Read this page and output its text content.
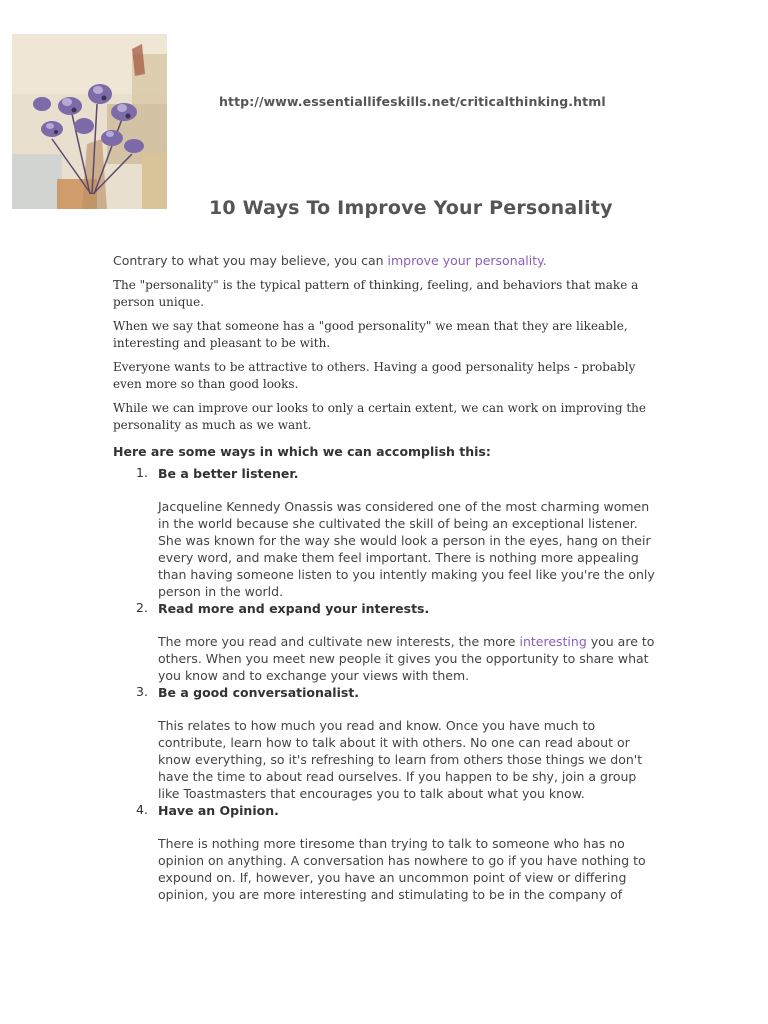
http://www.essentiallifeskills.net/criticalthinking.html
10 Ways To Improve Your Personality

Contrary to what you may believe, you can improve your personality.

The "personality" is the typical pattern of thinking, feeling, and behaviors that make a person unique.

When we say that someone has a "good personality" we mean that they are likeable, interesting and pleasant to be with.

Everyone wants to be attractive to others. Having a good personality helps - probably even more so than good looks.

While we can improve our looks to only a certain extent, we can work on improving the personality as much as we want.

Here are some ways in which we can accomplish this:
1. Be a better listener.

Jacqueline Kennedy Onassis was considered one of the most charming women in the world because she cultivated the skill of being an exceptional listener. She was known for the way she would look a person in the eyes, hang on their every word, and make them feel important. There is nothing more appealing than having someone listen to you intently making you feel like you're the only person in the world.

2. Read more and expand your interests.

The more you read and cultivate new interests, the more interesting you are to others. When you meet new people it gives you the opportunity to share what you know and to exchange your views with them.

3. Be a good conversationalist.

This relates to how much you read and know. Once you have much to contribute, learn how to talk about it with others. No one can read about or know everything, so it's refreshing to learn from others those things we don't have the time to about read ourselves. If you happen to be shy, join a group like Toastmasters that encourages you to talk about what you know.

4. Have an Opinion.

There is nothing more tiresome than trying to talk to someone who has no opinion on anything. A conversation has nowhere to go if you have nothing to expound on. If, however, you have an uncommon point of view or differing opinion, you are more interesting and stimulating to be in the company of
